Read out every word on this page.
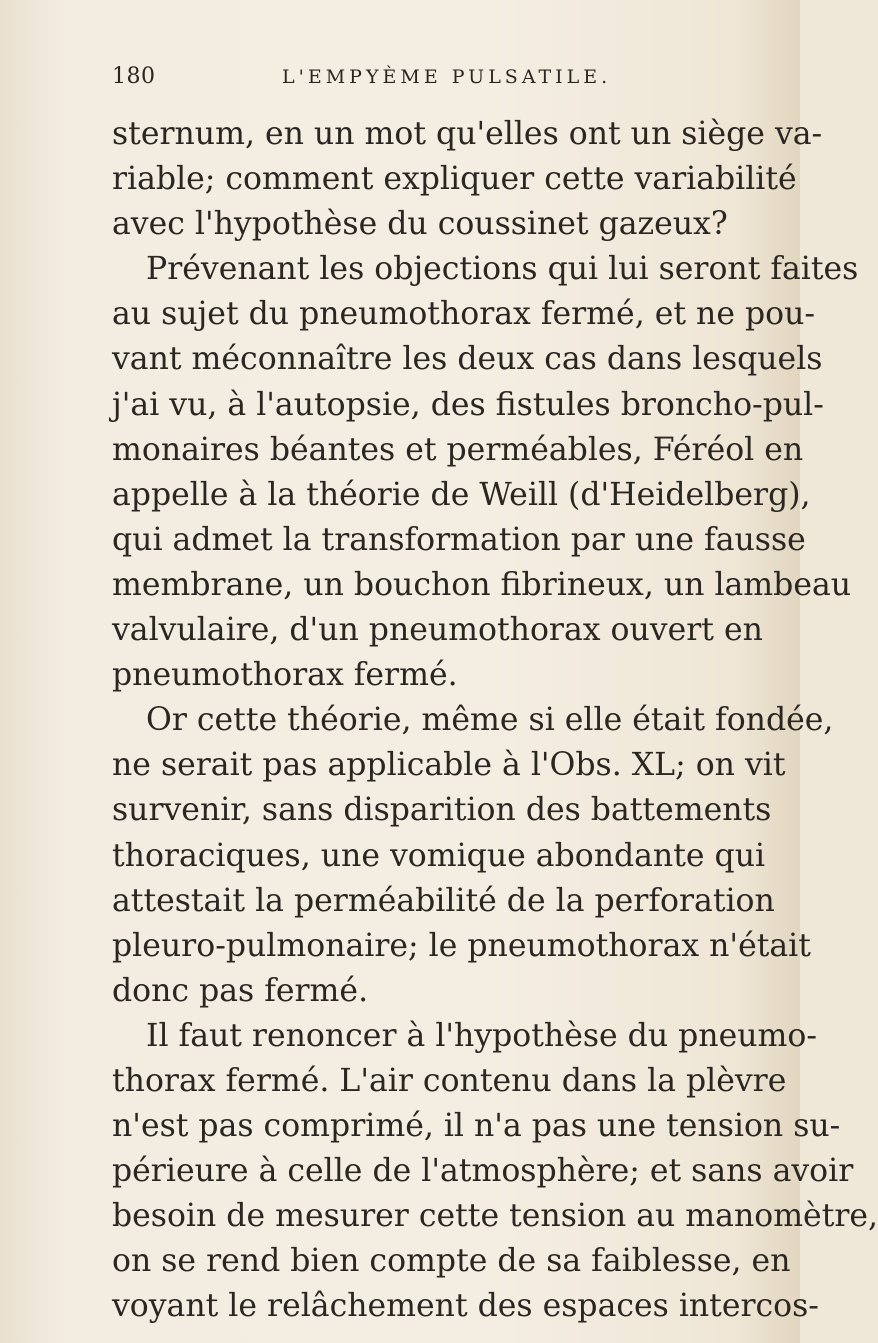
180	L'EMPYÈME PULSATILE.
sternum, en un mot qu'elles ont un siège va-
riable; comment expliquer cette variabilité
avec l'hypothèse du coussinet gazeux?
Prévenant les objections qui lui seront faites
au sujet du pneumothorax fermé, et ne pou-
vant méconnaître les deux cas dans lesquels
j'ai vu, à l'autopsie, des fistules broncho-pul-
monaires béantes et perméables, Féréol en
appelle à la théorie de Weill (d'Heidelberg),
qui admet la transformation par une fausse
membrane, un bouchon fibrineux, un lambeau
valvulaire, d'un pneumothorax ouvert en
pneumothorax fermé.
Or cette théorie, même si elle était fondée,
ne serait pas applicable à l'Obs. XL; on vit
survenir, sans disparition des battements
thoraciques, une vomique abondante qui
attestait la perméabilité de la perforation
pleuro-pulmonaire; le pneumothorax n'était
donc pas fermé.
Il faut renoncer à l'hypothèse du pneumo-
thorax fermé. L'air contenu dans la plèvre
n'est pas comprimé, il n'a pas une tension su-
périeure à celle de l'atmosphère; et sans avoir
besoin de mesurer cette tension au manomètre,
on se rend bien compte de sa faiblesse, en
voyant le relâchement des espaces intercos-
